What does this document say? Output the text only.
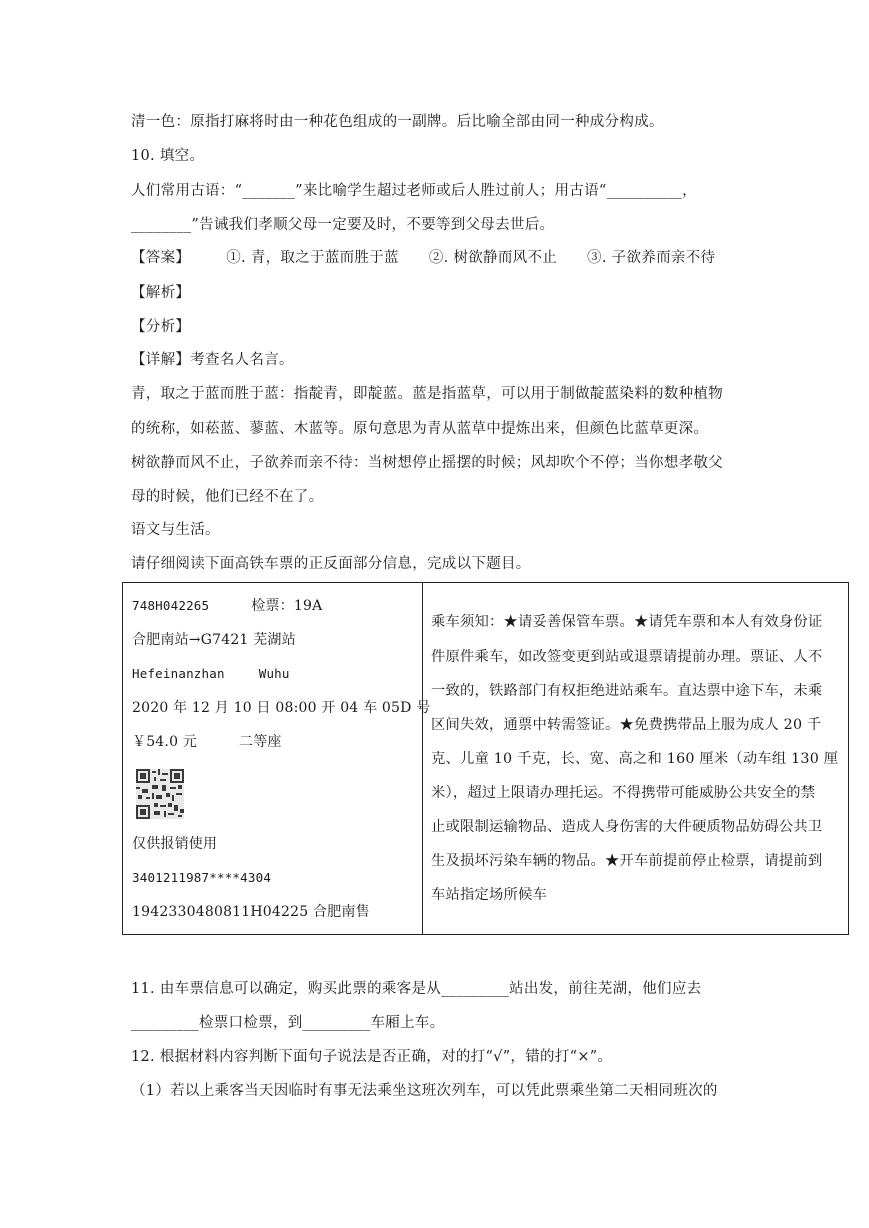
清一色：原指打麻将时由一种花色组成的一副牌。后比喻全部由同一种成分构成。
10. 填空。
人们常用古语：“_______”来比喻学生超过老师或后人胜过前人；用古语“__________，
________”告诫我们孝顺父母一定要及时，不要等到父母去世后。
【答案】 ①. 青，取之于蓝而胜于蓝 ②. 树欲静而风不止 ③. 子欲养而亲不待
【解析】
【分析】
【详解】考查名人名言。
青，取之于蓝而胜于蓝：指靛青，即靛蓝。蓝是指蓝草，可以用于制做靛蓝染料的数种植物
的统称，如菘蓝、蓼蓝、木蓝等。原句意思为青从蓝草中提炼出来，但颜色比蓝草更深。
树欲静而风不止，子欲养而亲不待：当树想停止摇摆的时候；风却吹个不停；当你想孝敬父
母的时候，他们已经不在了。
语文与生活。
请仔细阅读下面高铁车票的正反面部分信息，完成以下题目。
748H042265	检票：19A
合肥南站→G7421 芜湖站
Hefeinanzhan	Wuhu
2020 年 12 月 10 日 08:00 开 04 车 05D 号
￥54.0 元	二等座
仅供报销使用
3401211987****4304
1942330480811H04225 合肥南售
乘车须知：★请妥善保管车票。★请凭车票和本人有效身份证
件原件乘车，如改签变更到站或退票请提前办理。票证、人不
一致的，铁路部门有权拒绝进站乘车。直达票中途下车，未乘
区间失效，通票中转需签证。★免费携带品上服为成人 20 千
克、儿童 10 千克，长、宽、高之和 160 厘米（动车组 130 厘
米），超过上限请办理托运。不得携带可能威胁公共安全的禁
止或限制运输物品、造成人身伤害的大件硬质物品妨碍公共卫
生及损坏污染车辆的物品。★开车前提前停止检票，请提前到
车站指定场所候车
11. 由车票信息可以确定，购买此票的乘客是从_________站出发，前往芜湖，他们应去
_________检票口检票，到_________车厢上车。
12. 根据材料内容判断下面句子说法是否正确，对的打“√”，错的打“×”。
（1）若以上乘客当天因临时有事无法乘坐这班次列车，可以凭此票乘坐第二天相同班次的
